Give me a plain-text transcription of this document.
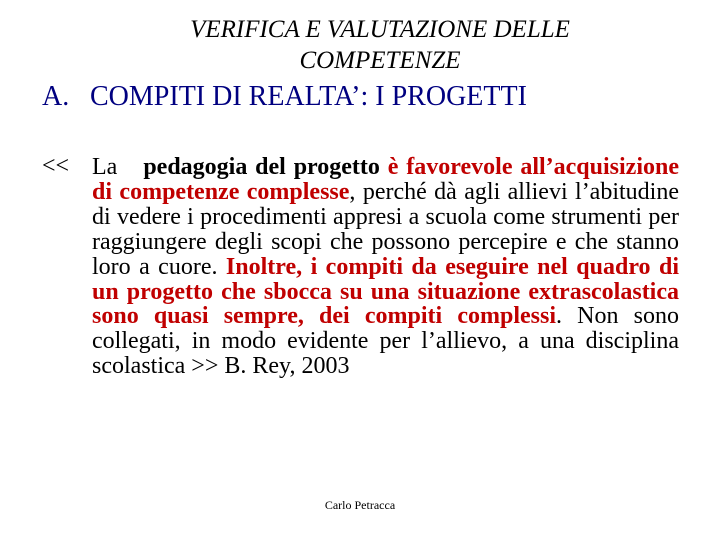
VERIFICA E VALUTAZIONE DELLE
COMPETENZE
A. COMPITI DI REALTA’: I PROGETTI
<< La pedagogia del progetto è favorevole all’acquisizione di competenze complesse, perché dà agli allievi l’abitudine di vedere i procedimenti appresi a scuola come strumenti per raggiungere degli scopi che possono percepire e che stanno loro a cuore. Inoltre, i compiti da eseguire nel quadro di un progetto che sbocca su una situazione extrascolastica sono quasi sempre, dei compiti complessi. Non sono collegati, in modo evidente per l’allievo, a una disciplina scolastica >> B. Rey, 2003
Carlo Petracca
